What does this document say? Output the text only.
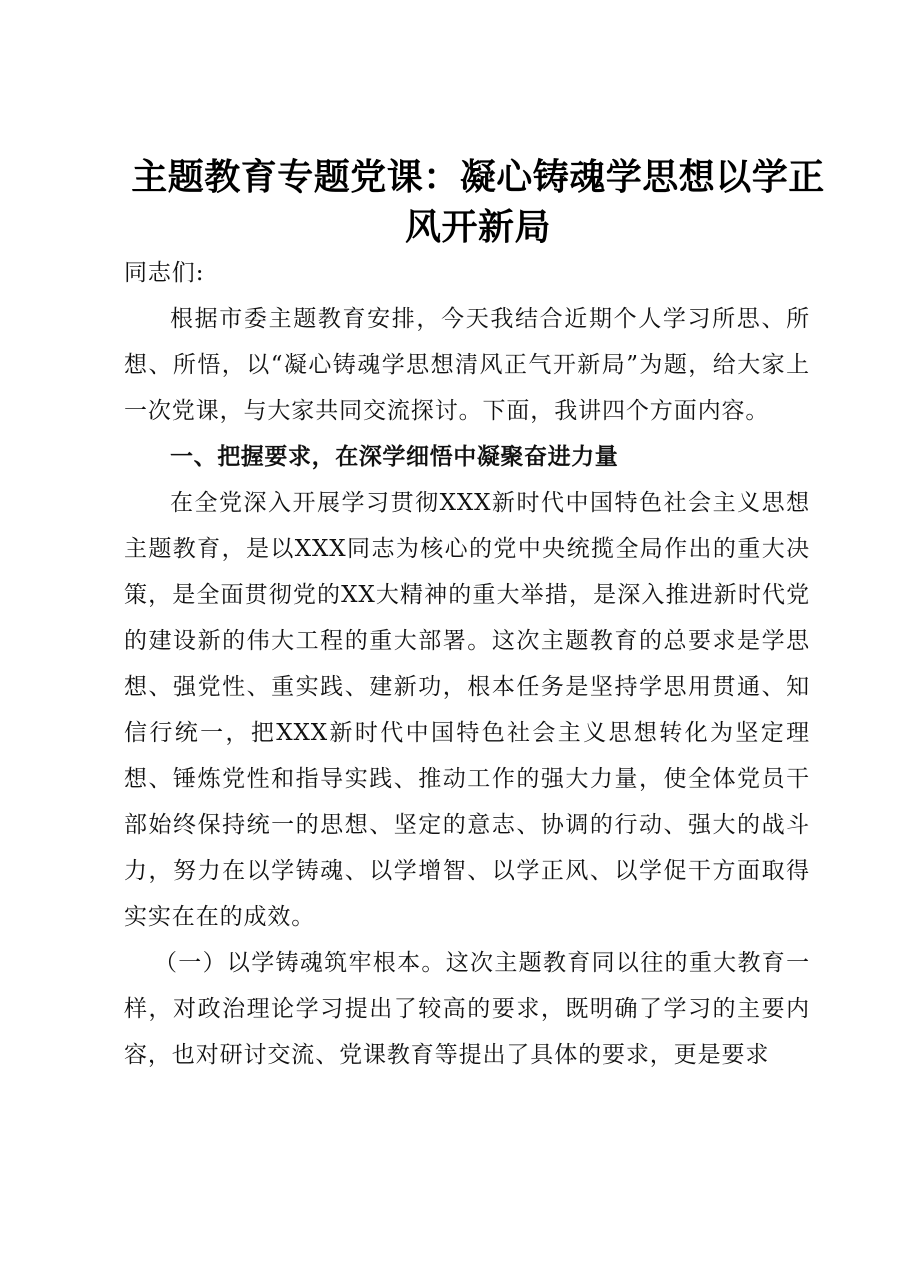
主题教育专题党课：凝心铸魂学思想以学正风开新局

同志们:

根据市委主题教育安排，今天我结合近期个人学习所思、所想、所悟，以“凝心铸魂学思想清风正气开新局”为题，给大家上一次党课，与大家共同交流探讨。下面，我讲四个方面内容。

一、把握要求，在深学细悟中凝聚奋进力量

在全党深入开展学习贯彻XXX新时代中国特色社会主义思想主题教育，是以XXX同志为核心的党中央统揽全局作出的重大决策，是全面贯彻党的XX大精神的重大举措，是深入推进新时代党的建设新的伟大工程的重大部署。这次主题教育的总要求是学思想、强党性、重实践、建新功，根本任务是坚持学思用贯通、知信行统一，把XXX新时代中国特色社会主义思想转化为坚定理想、锤炼党性和指导实践、推动工作的强大力量，使全体党员干部始终保持统一的思想、坚定的意志、协调的行动、强大的战斗力，努力在以学铸魂、以学增智、以学正风、以学促干方面取得实实在在的成效。

（一）以学铸魂筑牢根本。这次主题教育同以往的重大教育一样，对政治理论学习提出了较高的要求，既明确了学习的主要内容，也对研讨交流、党课教育等提出了具体的要求，更是要求
